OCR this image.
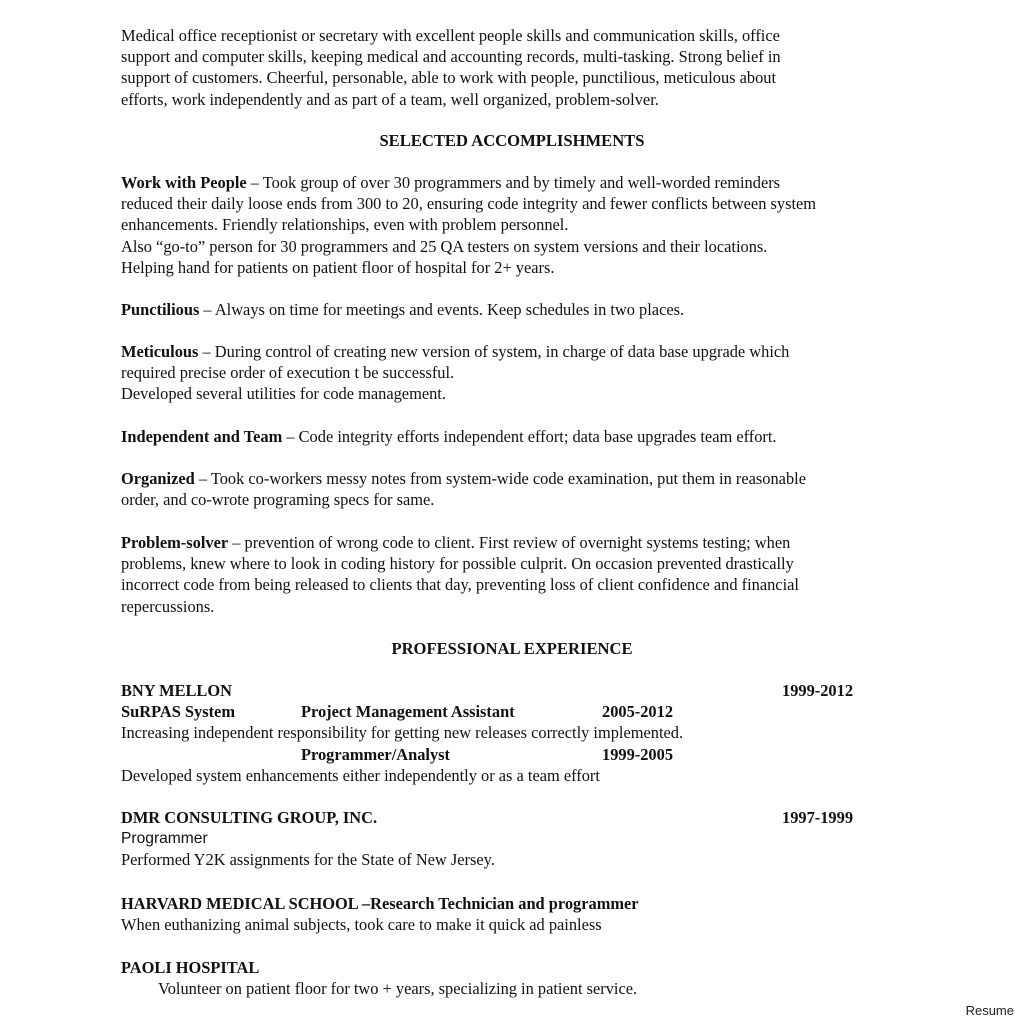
Medical office receptionist or secretary with excellent people skills and communication skills, office

support and computer skills, keeping medical and accounting records, multi-tasking. Strong belief in

support of customers. Cheerful, personable, able to work with people, punctilious, meticulous about

efforts, work independently and as part of a team, well organized, problem-solver.

SELECTED ACCOMPLISHMENTS

Work with People – Took group of over 30 programmers and by timely and well-worded reminders

reduced their daily loose ends from 300 to 20, ensuring code integrity and fewer conflicts between system

enhancements. Friendly relationships, even with problem personnel.

Also “go-to” person for 30 programmers and 25 QA testers on system versions and their locations.

Helping hand for patients on patient floor of hospital for 2+ years.

Punctilious – Always on time for meetings and events. Keep schedules in two places.

Meticulous – During control of creating new version of system, in charge of data base upgrade which

required precise order of execution t be successful.

Developed several utilities for code management.

Independent and Team – Code integrity efforts independent effort; data base upgrades team effort.

Organized – Took co-workers messy notes from system-wide code examination, put them in reasonable

order, and co-wrote programing specs for same.

Problem-solver – prevention of wrong code to client. First review of overnight systems testing; when

problems, knew where to look in coding history for possible culprit. On occasion prevented drastically

incorrect code from being released to clients that day, preventing loss of client confidence and financial

repercussions.

PROFESSIONAL EXPERIENCE
BNY MELLON	1999-2012
SuRPAS System	Project Management Assistant	2005-2012
Increasing independent responsibility for getting new releases correctly implemented.
Programmer/Analyst	1999-2005
Developed system enhancements either independently or as a team effort
DMR CONSULTING GROUP, INC.	1997-1999
Programmer
Performed Y2K assignments for the State of New Jersey.
HARVARD MEDICAL SCHOOL –Research Technician and programmer
When euthanizing animal subjects, took care to make it quick ad painless
PAOLI HOSPITAL
Volunteer on patient floor for two + years, specializing in patient service.
Resume
